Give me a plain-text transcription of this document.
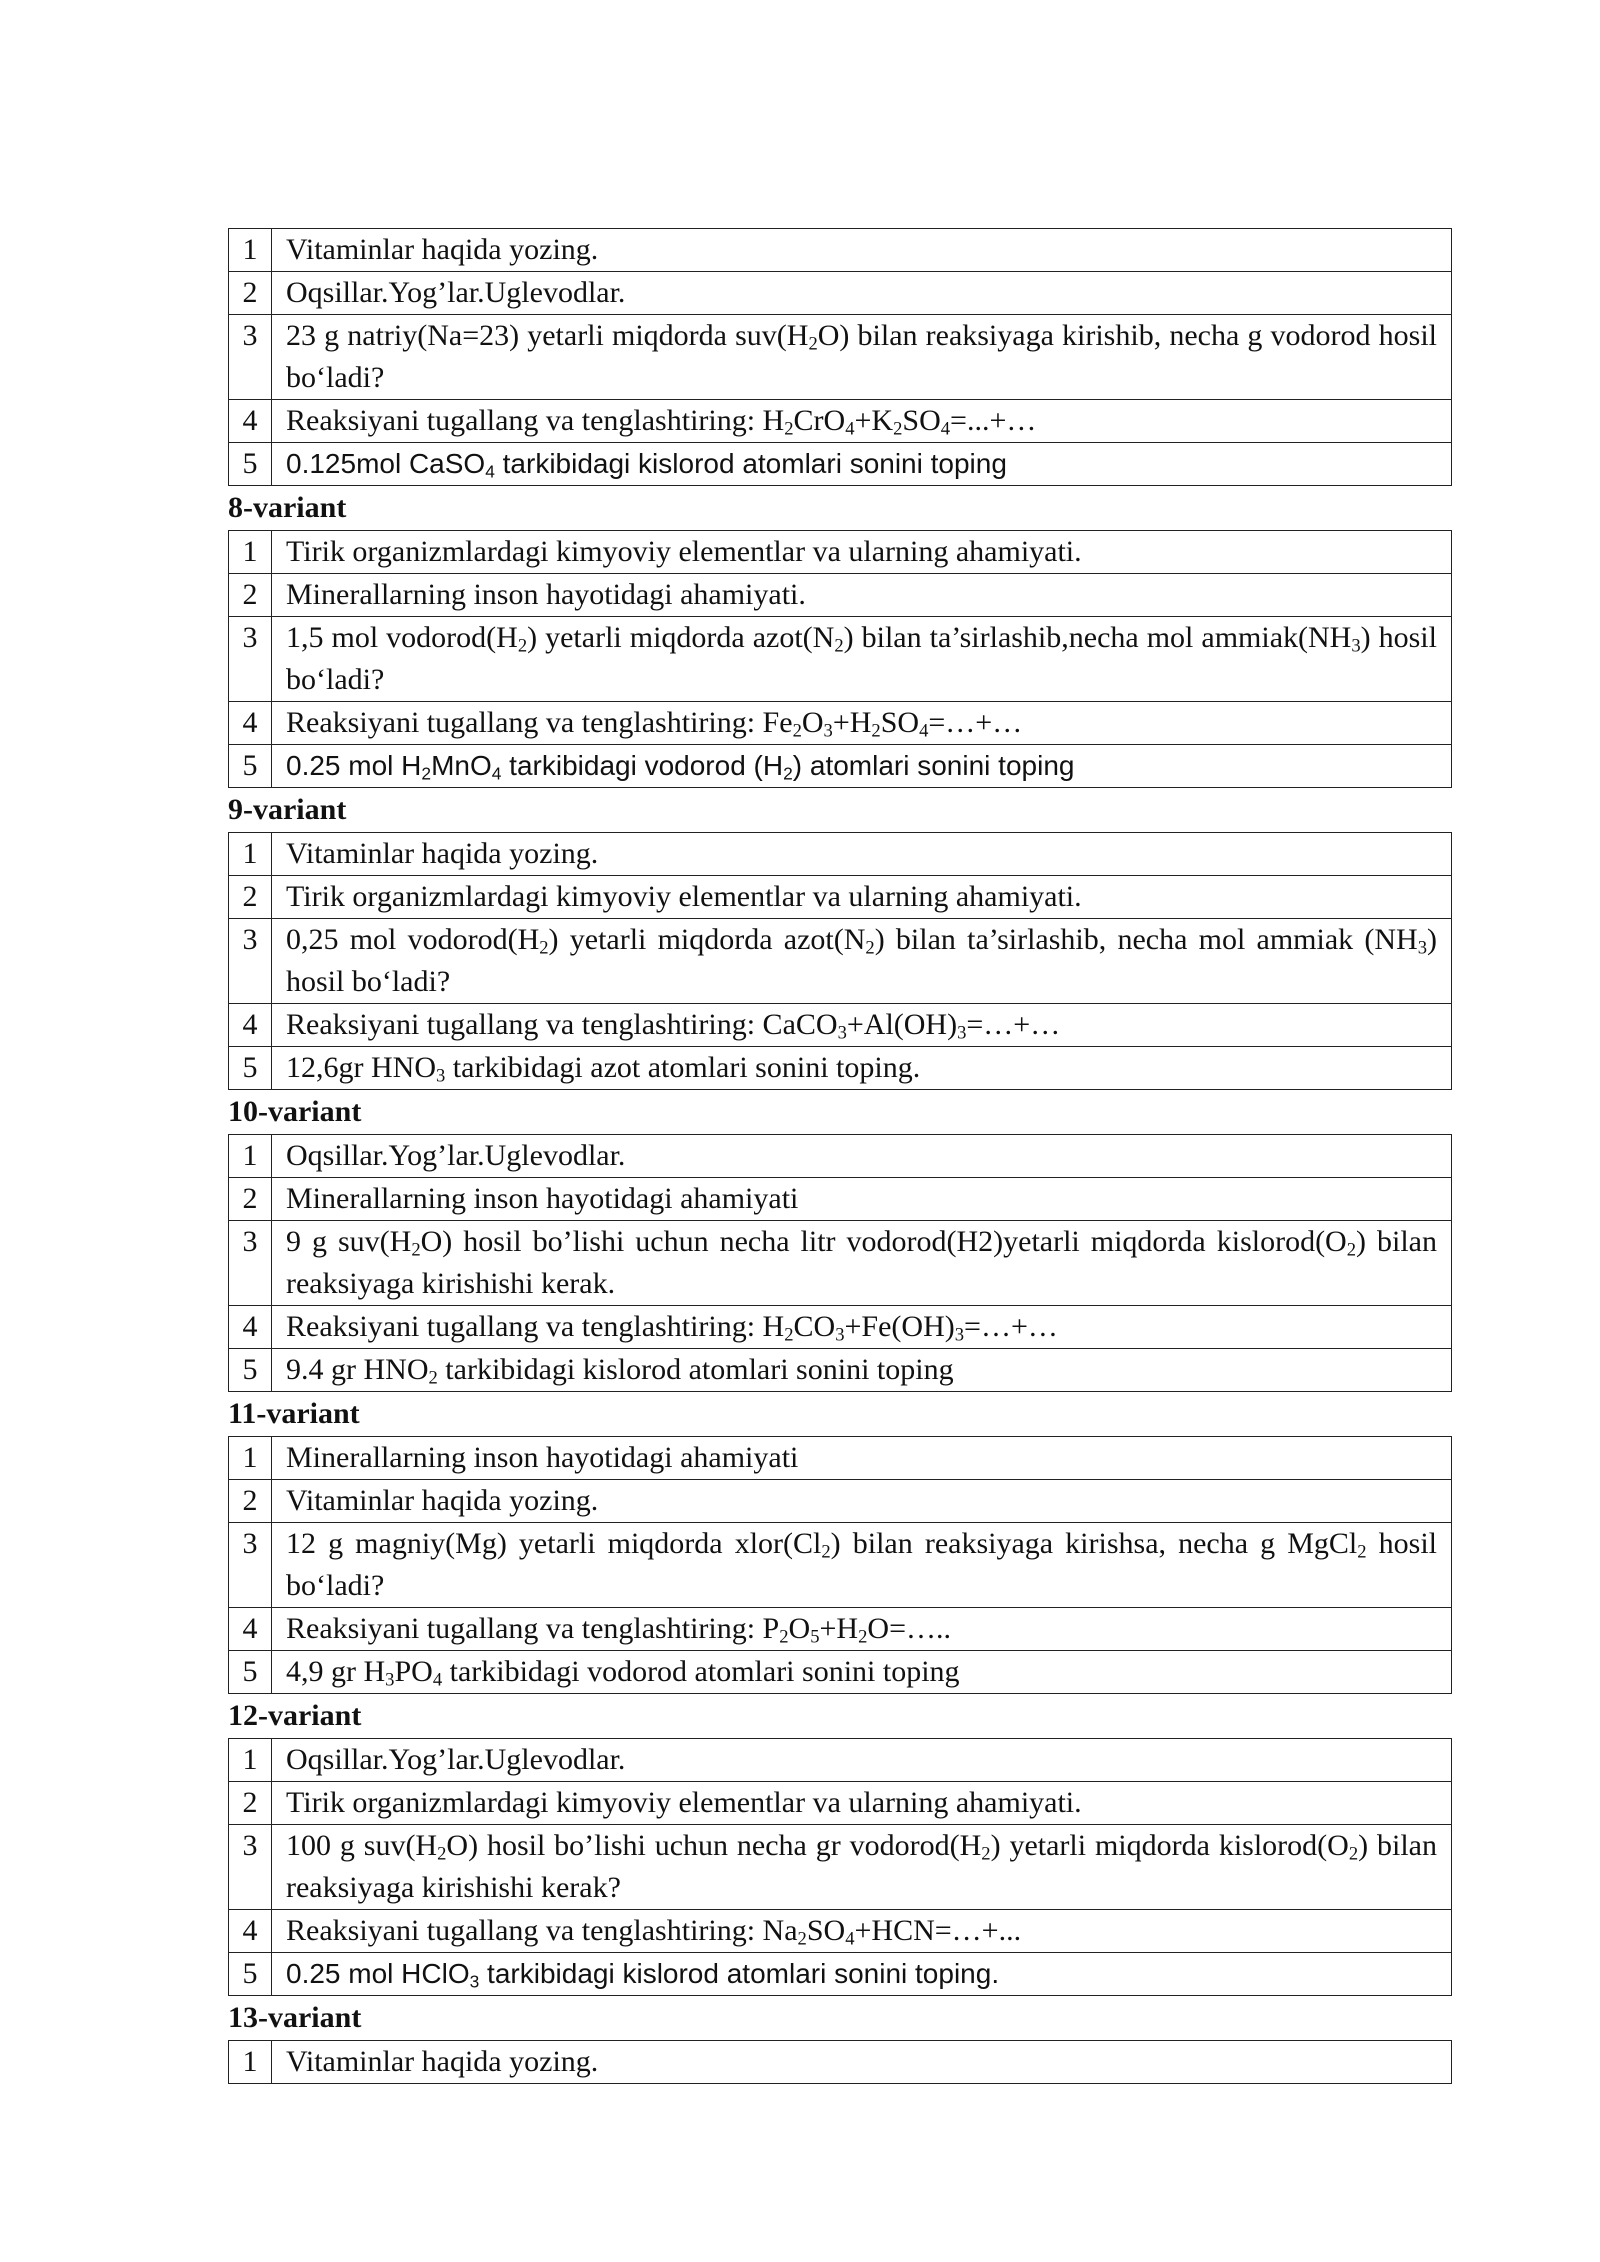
1	Vitaminlar haqida yozing.
2	Oqsillar.Yog’lar.Uglevodlar.
3	23 g natriy(Na=23) yetarli miqdorda $suv(H_2O)$ bilan reaksiyaga kirishib, necha g vodorod hosil bo‘ladi?
4	Reaksiyani tugallang va tenglashtiring: $H_2CrO_4+K_2SO_4=...+\dots$
5	0.125mol CaSO$_4$ tarkibidagi kislorod atomlari sonini toping
8-variant
1	Tirik organizmlardagi kimyoviy elementlar va ularning ahamiyati.
2	Minerallarning inson hayotidagi ahamiyati.
3	1,5 mol $vodorod(H_2)$ yetarli miqdorda $azot(N_2)$ bilan ta’sirlashib,necha mol $ammiak(NH_3)$ hosil bo‘ladi?
4	Reaksiyani tugallang va tenglashtiring: $Fe_2O_3+H_2SO_4=\dots+\dots$
5	0.25 mol $H_2MnO_4$ tarkibidagi vodorod $(H_2)$ atomlari sonini toping
9-variant
1	Vitaminlar haqida yozing.
2	Tirik organizmlardagi kimyoviy elementlar va ularning ahamiyati.
3	0,25 mol $vodorod(H_2)$ yetarli miqdorda $azot(N_2)$ bilan ta’sirlashib, necha mol ammiak $(NH_3)$ hosil bo‘ladi?
4	Reaksiyani tugallang va tenglashtiring: $CaCO_3+Al(OH)_3=\dots+\dots$
5	12,6gr $HNO_3$ tarkibidagi azot atomlari sonini toping.
10-variant
1	Oqsillar.Yog’lar.Uglevodlar.
2	Minerallarning inson hayotidagi ahamiyati
3	9 g $suv(H_2O)$ hosil bo’lishi uchun necha litr vodorod(H2)yetarli miqdorda $kislorod(O_2)$ bilan reaksiyaga kirishishi kerak.
4	Reaksiyani tugallang va tenglashtiring: $H_2CO_3+Fe(OH)_3=\dots+\dots$
5	9.4 gr $HNO_2$ tarkibidagi kislorod atomlari sonini toping
11-variant
1	Minerallarning inson hayotidagi ahamiyati
2	Vitaminlar haqida yozing.
3	12 g magniy(Mg) yetarli miqdorda $xlor(Cl_2)$ bilan reaksiyaga kirishsa, necha g MgCl$_2$ hosil bo‘ladi?
4	Reaksiyani tugallang va tenglashtiring: $P_2O_5+H_2O=\dots$..
5	4,9 gr $H_3PO_4$ tarkibidagi vodorod atomlari sonini toping
12-variant
1	Oqsillar.Yog’lar.Uglevodlar.
2	Tirik organizmlardagi kimyoviy elementlar va ularning ahamiyati.
3	100 g $suv(H_2O)$ hosil bo’lishi uchun necha gr $vodorod(H_2)$ yetarli miqdorda $kislorod(O_2)$ bilan reaksiyaga kirishishi kerak?
4	Reaksiyani tugallang va tenglashtiring: $Na_2SO_4+HCN=\dots+$...
5	0.25 mol HClO$_3$ tarkibidagi kislorod atomlari sonini toping.
13-variant
1	Vitaminlar haqida yozing.
